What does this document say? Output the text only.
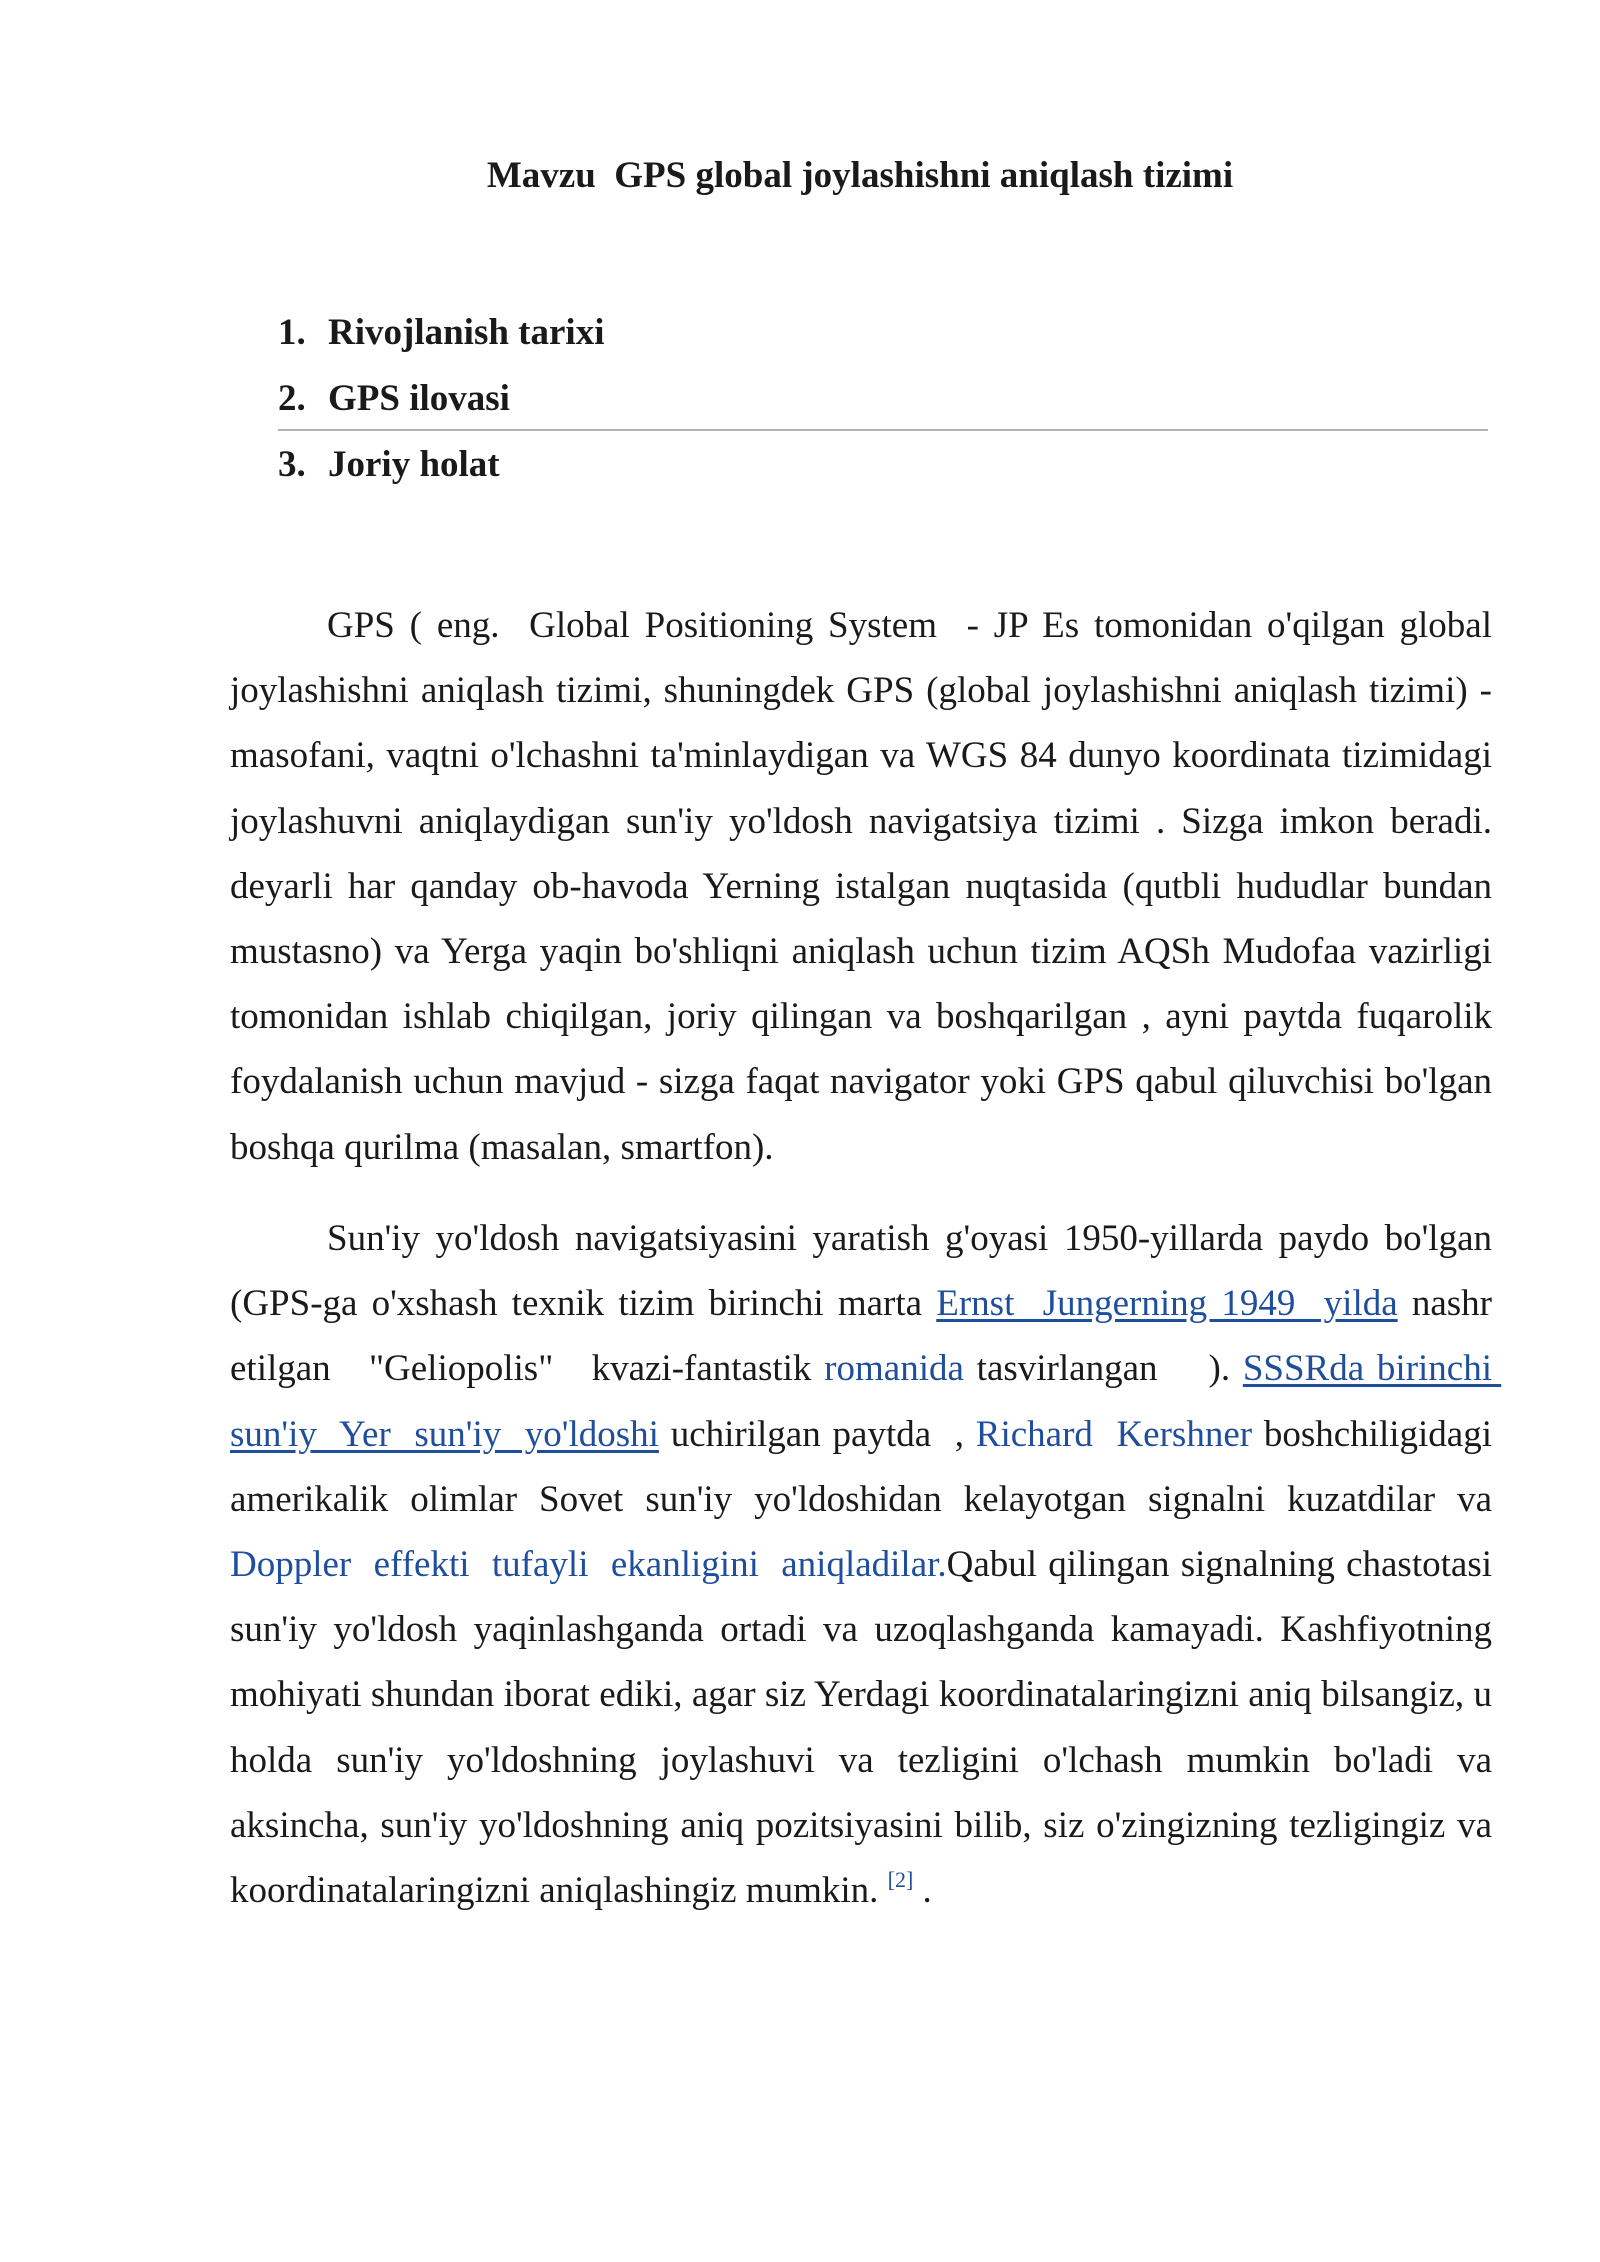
Mavzu  GPS global joylashishni aniqlash tizimi
1. Rivojlanish tarixi
2. GPS ilovasi
3. Joriy holat

GPS ( eng.  Global Positioning System  - JP Es tomonidan o'qilgan global joylashishni aniqlash tizimi, shuningdek GPS (global joylashishni aniqlash tizimi) - masofani, vaqtni o'lchashni ta'minlaydigan va WGS 84 dunyo koordinata tizimidagi joylashuvni aniqlaydigan sun'iy yo'ldosh navigatsiya tizimi . Sizga imkon beradi. deyarli har qanday ob-havoda Yerning istalgan nuqtasida (qutbli hududlar bundan mustasno) va Yerga yaqin bo'shliqni aniqlash uchun tizim AQSh Mudofaa vazirligi tomonidan ishlab chiqilgan, joriy qilingan va boshqarilgan , ayni paytda fuqarolik foydalanish uchun mavjud - sizga faqat navigator yoki GPS qabul qiluvchisi bo'lgan boshqa qurilma (masalan, smartfon).

Sun'iy yo'ldosh navigatsiyasini yaratish g'oyasi 1950-yillarda paydo bo'lgan (GPS-ga o'xshash texnik tizim birinchi marta Ernst  Jungerning 1949  yilda nashr etilgan   "Geliopolis"   kvazi-fantastik romanida tasvirlangan    ). SSSRda birinchi sun'iy  Yer  sun'iy  yo'ldoshi uchirilgan paytda  , Richard  Kershner boshchiligidagi amerikalik olimlar Sovet sun'iy yo'ldoshidan kelayotgan signalni kuzatdilar va Doppler  effekti  tufayli  ekanligini  aniqladilar.Qabul qilingan signalning chastotasi sun'iy yo'ldosh yaqinlashganda ortadi va uzoqlashganda kamayadi. Kashfiyotning mohiyati shundan iborat ediki, agar siz Yerdagi koordinatalaringizni aniq bilsangiz, u holda sun'iy yo'ldoshning joylashuvi va tezligini o'lchash mumkin bo'ladi va aksincha, sun'iy yo'ldoshning aniq pozitsiyasini bilib, siz o'zingizning tezligingiz va koordinatalaringizni aniqlashingiz mumkin. [2] .
